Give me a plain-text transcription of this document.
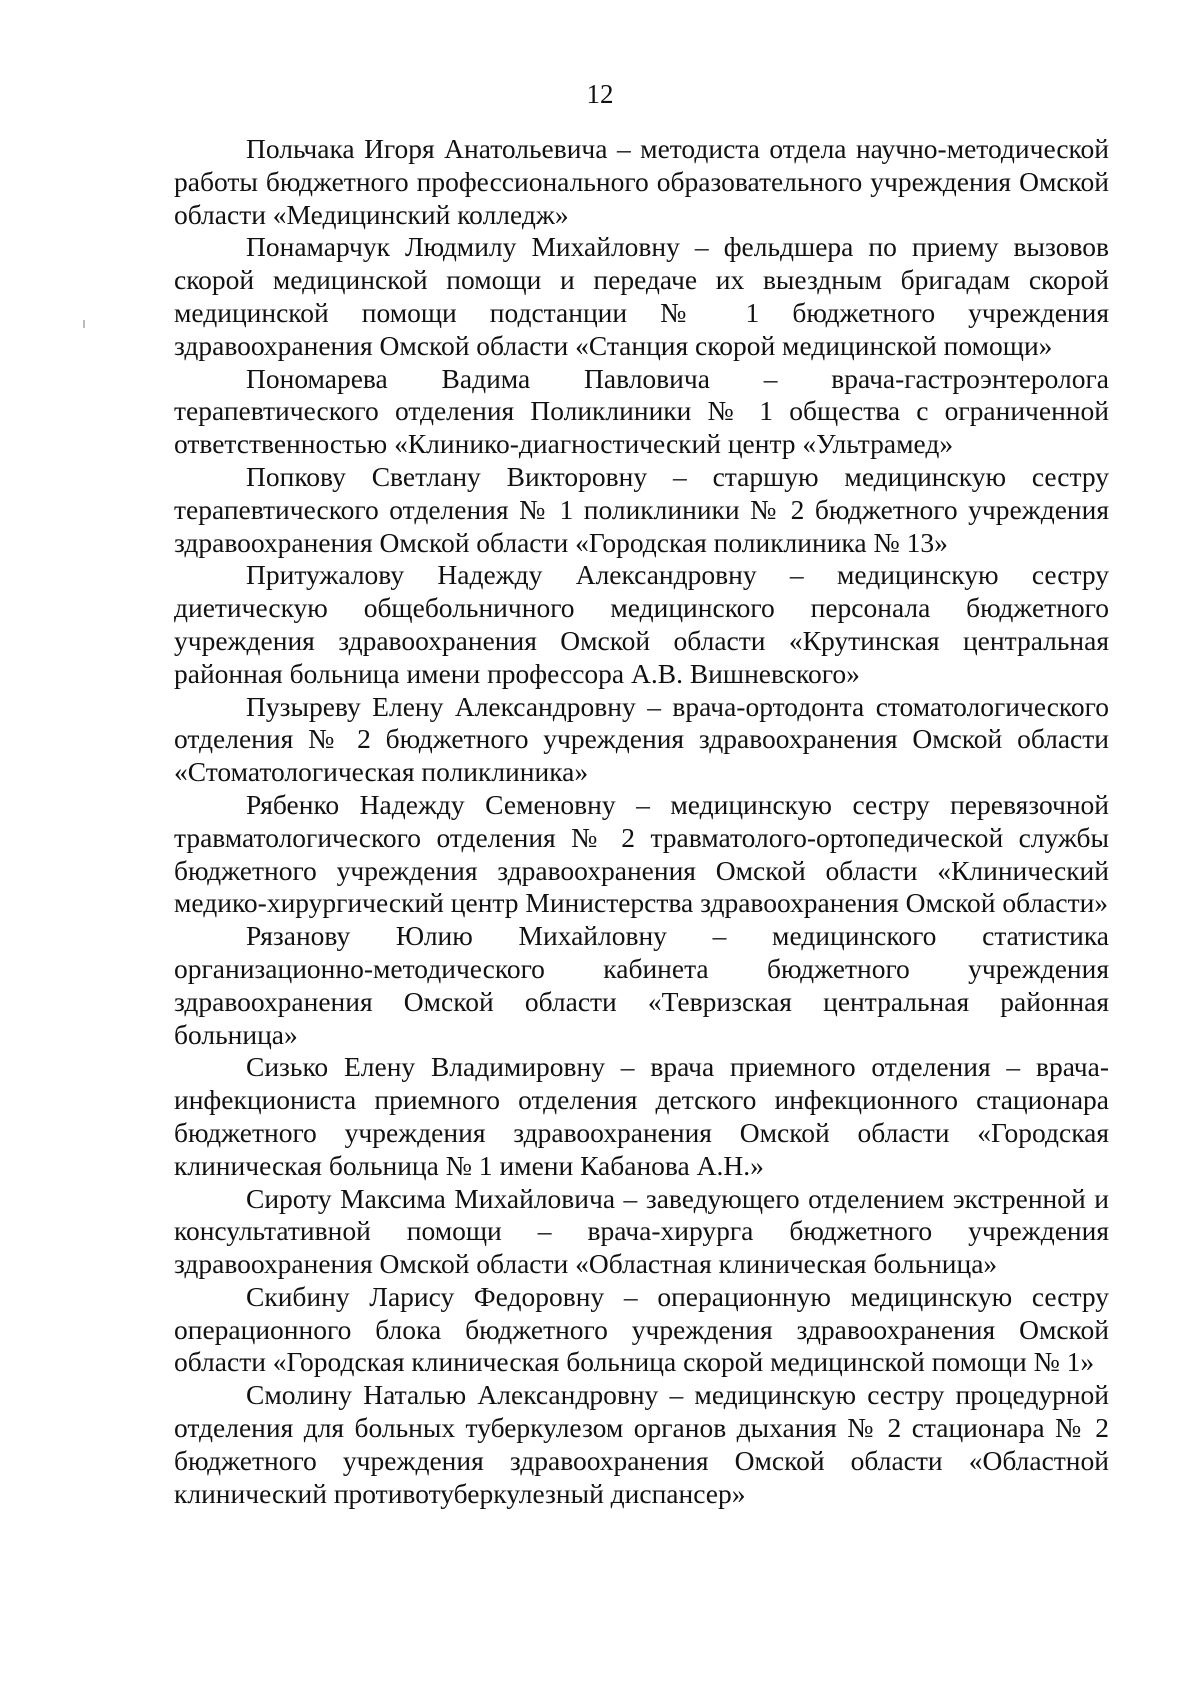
12

Польчака Игоря Анатольевича – методиста отдела научно-методической работы бюджетного профессионального образовательного учреждения Омской области «Медицинский колледж»

Понамарчук Людмилу Михайловну – фельдшера по приему вызовов скорой медицинской помощи и передаче их выездным бригадам скорой медицинской помощи подстанции № 1 бюджетного учреждения здравоохранения Омской области «Станция скорой медицинской помощи»

Пономарева Вадима Павловича – врача-гастроэнтеролога терапевтического отделения Поликлиники № 1 общества с ограниченной ответственностью «Клинико-диагностический центр «Ультрамед»

Попкову Светлану Викторовну – старшую медицинскую сестру терапевтического отделения № 1 поликлиники № 2 бюджетного учреждения здравоохранения Омской области «Городская поликлиника № 13»

Притужалову Надежду Александровну – медицинскую сестру диетическую общебольничного медицинского персонала бюджетного учреждения здравоохранения Омской области «Крутинская центральная районная больница имени профессора А.В. Вишневского»

Пузыреву Елену Александровну – врача-ортодонта стоматологического отделения № 2 бюджетного учреждения здравоохранения Омской области «Стоматологическая поликлиника»

Рябенко Надежду Семеновну – медицинскую сестру перевязочной травматологического отделения № 2 травматолого-ортопедической службы бюджетного учреждения здравоохранения Омской области «Клинический медико-хирургический центр Министерства здравоохранения Омской области»

Рязанову Юлию Михайловну – медицинского статистика организационно-методического кабинета бюджетного учреждения здравоохранения Омской области «Тевризская центральная районная больница»

Сизько Елену Владимировну – врача приемного отделения – врача-инфекциониста приемного отделения детского инфекционного стационара бюджетного учреждения здравоохранения Омской области «Городская клиническая больница № 1 имени Кабанова А.Н.»

Сироту Максима Михайловича – заведующего отделением экстренной и консультативной помощи – врача-хирурга бюджетного учреждения здравоохранения Омской области «Областная клиническая больница»

Скибину Ларису Федоровну – операционную медицинскую сестру операционного блока бюджетного учреждения здравоохранения Омской области «Городская клиническая больница скорой медицинской помощи № 1»

Смолину Наталью Александровну – медицинскую сестру процедурной отделения для больных туберкулезом органов дыхания № 2 стационара № 2 бюджетного учреждения здравоохранения Омской области «Областной клинический противотуберкулезный диспансер»
